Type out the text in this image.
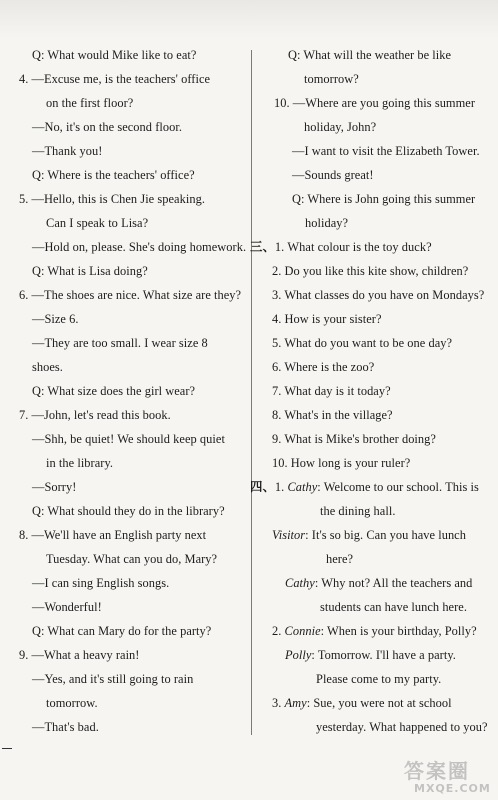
Q: What would Mike like to eat?
4. —Excuse me, is the teachers' office
on the first floor?
—No, it's on the second floor.
—Thank you!
Q: Where is the teachers' office?
5. —Hello, this is Chen Jie speaking.
Can I speak to Lisa?
—Hold on, please. She's doing homework.
Q: What is Lisa doing?
6. —The shoes are nice. What size are they?
—Size 6.
—They are too small. I wear size 8
shoes.
Q: What size does the girl wear?
7. —John, let's read this book.
—Shh, be quiet! We should keep quiet
in the library.
—Sorry!
Q: What should they do in the library?
8. —We'll have an English party next
Tuesday. What can you do, Mary?
—I can sing English songs.
—Wonderful!
Q: What can Mary do for the party?
9. —What a heavy rain!
—Yes, and it's still going to rain
tomorrow.
—That's bad.
Q: What will the weather be like
tomorrow?
10. —Where are you going this summer
holiday, John?
—I want to visit the Elizabeth Tower.
—Sounds great!
Q: Where is John going this summer
holiday?
三、1. What colour is the toy duck?
2. Do you like this kite show, children?
3. What classes do you have on Mondays?
4. How is your sister?
5. What do you want to be one day?
6. Where is the zoo?
7. What day is it today?
8. What's in the village?
9. What is Mike's brother doing?
10. How long is your ruler?
四、1. Cathy: Welcome to our school. This is
the dining hall.
Visitor: It's so big. Can you have lunch
here?
Cathy: Why not? All the teachers and
students can have lunch here.
2. Connie: When is your birthday, Polly?
Polly: Tomorrow. I'll have a party.
Please come to my party.
3. Amy: Sue, you were not at school
yesterday. What happened to you?
答案圈
MXQE.COM
